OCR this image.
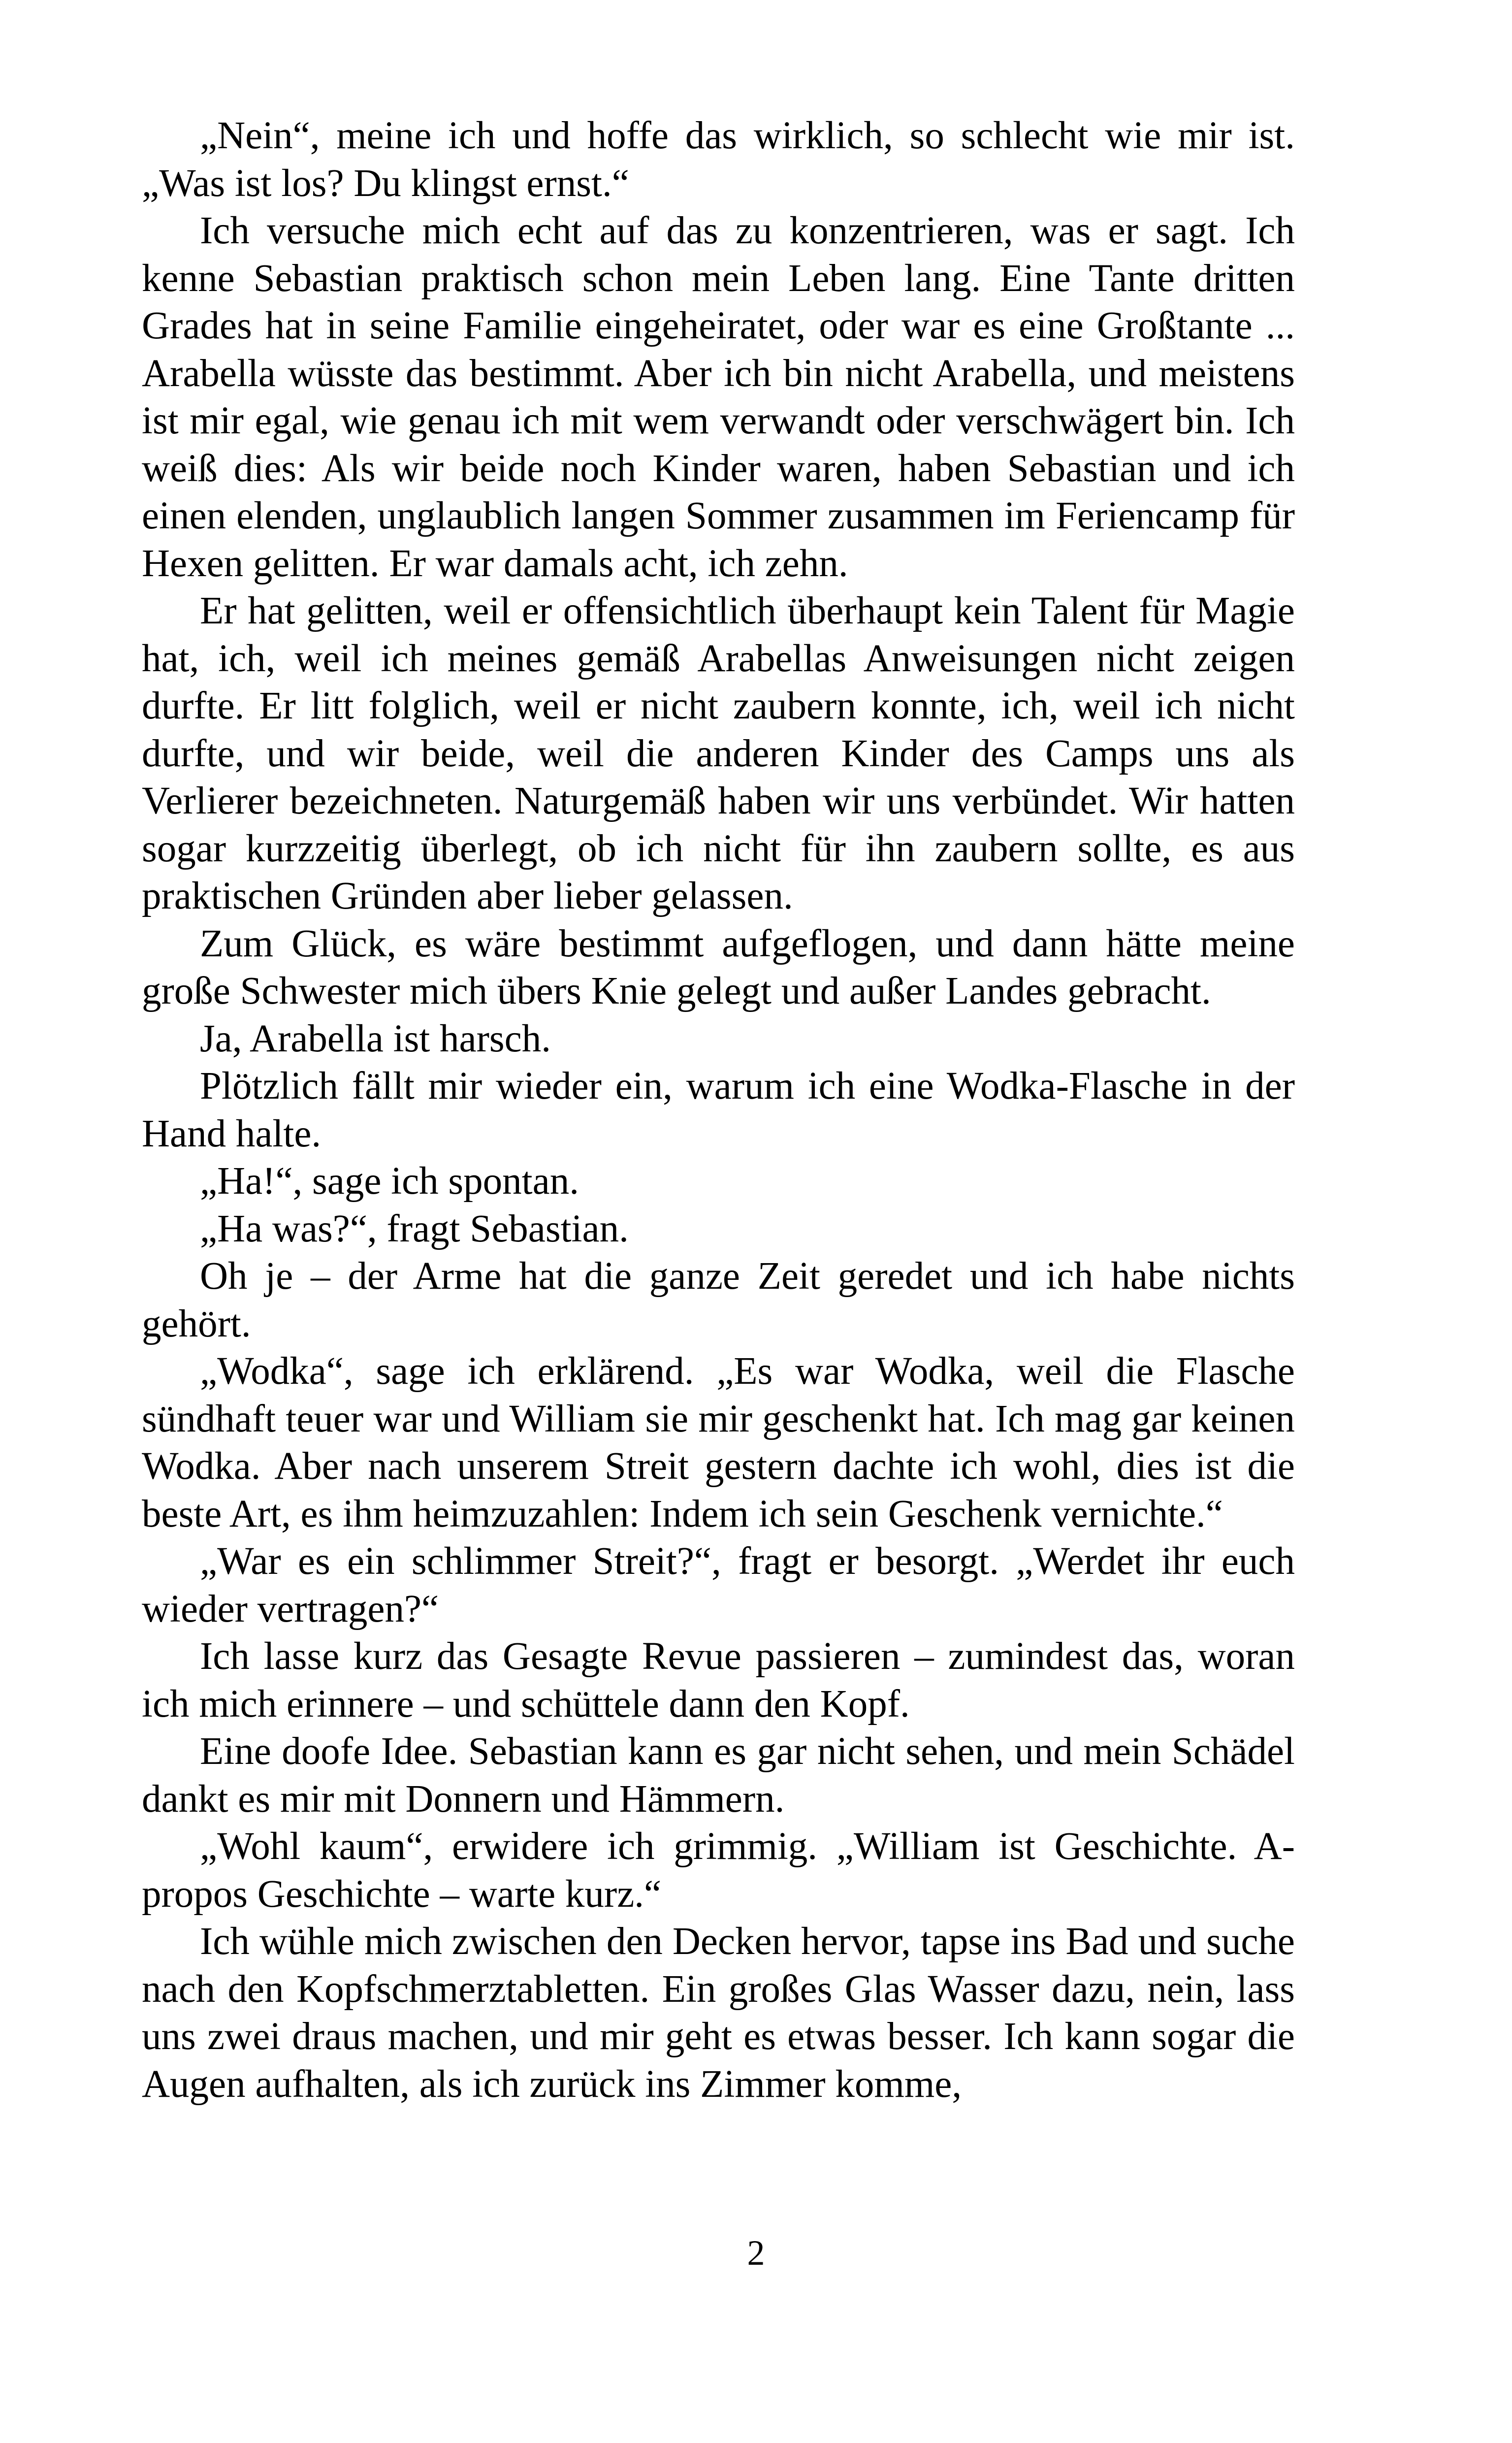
„Nein“, meine ich und hoffe das wirklich, so schlecht wie mir ist. „Was ist los? Du klingst ernst.“

Ich versuche mich echt auf das zu konzentrieren, was er sagt. Ich kenne Sebastian praktisch schon mein Leben lang. Eine Tante dritten Grades hat in seine Familie eingeheiratet, oder war es eine Großtante ... Arabella wüsste das bestimmt. Aber ich bin nicht Arabella, und meistens ist mir egal, wie genau ich mit wem verwandt oder verschwägert bin. Ich weiß dies: Als wir beide noch Kinder waren, haben Sebastian und ich einen elenden, unglaublich langen Sommer zusammen im Feriencamp für Hexen gelitten. Er war damals acht, ich zehn.

Er hat gelitten, weil er offensichtlich überhaupt kein Talent für Magie hat, ich, weil ich meines gemäß Arabellas Anweisungen nicht zeigen durfte. Er litt folglich, weil er nicht zaubern konnte, ich, weil ich nicht durfte, und wir beide, weil die anderen Kinder des Camps uns als Verlierer bezeichneten. Naturgemäß haben wir uns verbündet. Wir hatten sogar kurzzeitig überlegt, ob ich nicht für ihn zaubern sollte, es aus praktischen Gründen aber lieber gelassen.

Zum Glück, es wäre bestimmt aufgeflogen, und dann hätte meine große Schwester mich übers Knie gelegt und außer Landes gebracht.

Ja, Arabella ist harsch.

Plötzlich fällt mir wieder ein, warum ich eine Wodka-Flasche in der Hand halte.

„Ha!“, sage ich spontan.

„Ha was?“, fragt Sebastian.

Oh je – der Arme hat die ganze Zeit geredet und ich habe nichts gehört.

„Wodka“, sage ich erklärend. „Es war Wodka, weil die Flasche sündhaft teuer war und William sie mir geschenkt hat. Ich mag gar keinen Wodka. Aber nach unserem Streit gestern dachte ich wohl, dies ist die beste Art, es ihm heimzuzahlen: Indem ich sein Geschenk vernichte.“

„War es ein schlimmer Streit?“, fragt er besorgt. „Werdet ihr euch wieder vertragen?“

Ich lasse kurz das Gesagte Revue passieren – zumindest das, woran ich mich erinnere – und schüttele dann den Kopf.

Eine doofe Idee. Sebastian kann es gar nicht sehen, und mein Schädel dankt es mir mit Donnern und Hämmern.

„Wohl kaum“, erwidere ich grimmig. „William ist Geschichte. Apropos Geschichte – warte kurz.“

Ich wühle mich zwischen den Decken hervor, tapse ins Bad und suche nach den Kopfschmerztabletten. Ein großes Glas Wasser dazu, nein, lass uns zwei draus machen, und mir geht es etwas besser. Ich kann sogar die Augen aufhalten, als ich zurück ins Zimmer komme,

2
